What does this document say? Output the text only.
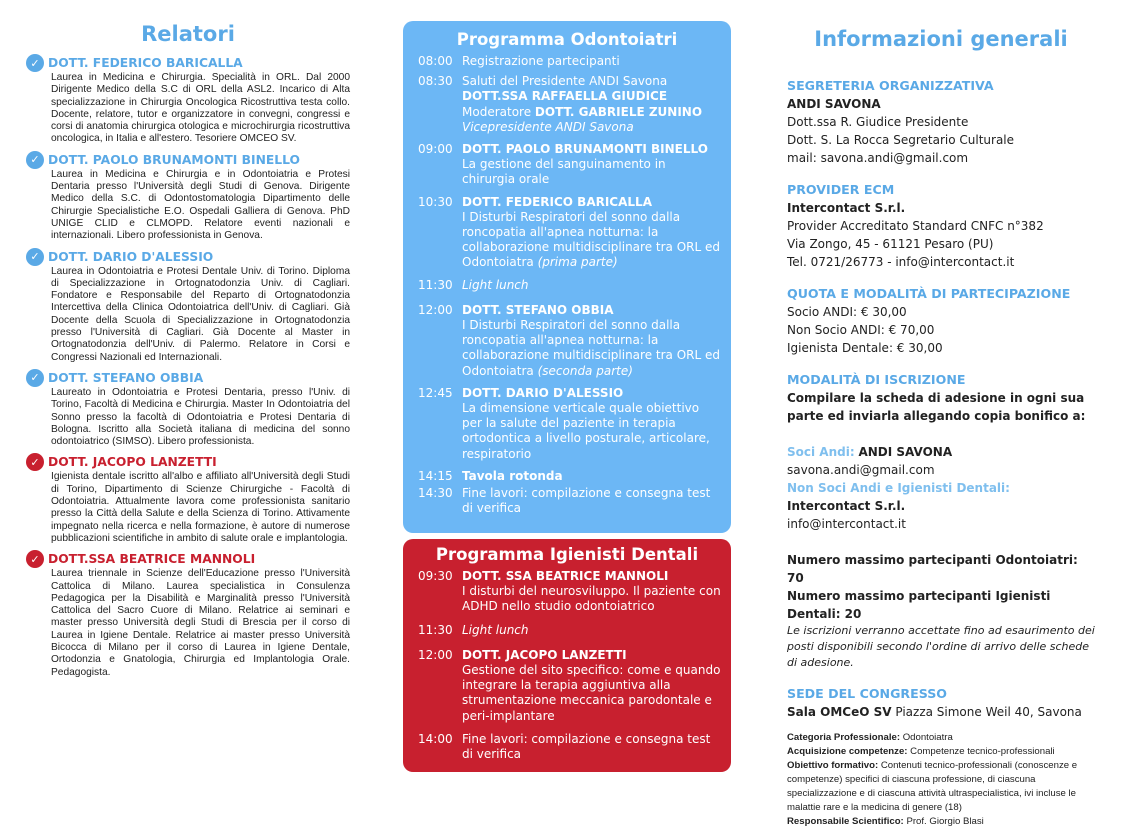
Relatori
✓ DOTT. FEDERICO BARICALLA
Laurea in Medicina e Chirurgia. Specialità in ORL. Dal 2000 Dirigente Medico della S.C di ORL della ASL2. Incarico di Alta specializzazione in Chirurgia Oncologica Ricostruttiva testa collo. Docente, relatore, tutor e organizzatore in convegni, congressi e corsi di anatomia chirurgica otologica e microchirurgia ricostruttiva oncologica, in Italia e all'estero. Tesoriere OMCEO SV.
✓ DOTT. PAOLO BRUNAMONTI BINELLO
Laurea in Medicina e Chirurgia e in Odontoiatria e Protesi Dentaria presso l'Università degli Studi di Genova. Dirigente Medico della S.C. di Odontostomatologia Dipartimento delle Chirurgie Specialistiche E.O. Ospedali Galliera di Genova. PhD UNIGE CLID e CLMOPD. Relatore eventi nazionali e internazionali. Libero professionista in Genova.
✓ DOTT. DARIO D'ALESSIO
Laurea in Odontoiatria e Protesi Dentale Univ. di Torino. Diploma di Specializzazione in Ortognatodonzia Univ. di Cagliari. Fondatore e Responsabile del Reparto di Ortognatodonzia Intercettiva della Clinica Odontoiatrica dell'Univ. di Cagliari. Già Docente della Scuola di Specializzazione in Ortognatodonzia presso l'Università di Cagliari. Già Docente al Master in Ortognatodonzia dell'Univ. di Palermo. Relatore in Corsi e Congressi Nazionali ed Internazionali.
✓ DOTT. STEFANO OBBIA
Laureato in Odontoiatria e Protesi Dentaria, presso l'Univ. di Torino, Facoltà di Medicina e Chirurgia. Master In Odontoiatria del Sonno presso la facoltà di Odontoiatria e Protesi Dentaria di Bologna. Iscritto alla Società italiana di medicina del sonno odontoiatrico (SIMSO). Libero professionista.
✓ DOTT. JACOPO LANZETTI
Igienista dentale iscritto all'albo e affiliato all'Università degli Studi di Torino, Dipartimento di Scienze Chirurgiche - Facoltà di Odontoiatria. Attualmente lavora come professionista sanitario presso la Città della Salute e della Scienza di Torino. Attivamente impegnato nella ricerca e nella formazione, è autore di numerose pubblicazioni scientifiche in ambito di salute orale e implantologia.
✓ DOTT.SSA BEATRICE MANNOLI
Laurea triennale in Scienze dell'Educazione presso l'Università Cattolica di Milano. Laurea specialistica in Consulenza Pedagogica per la Disabilità e Marginalità presso l'Università Cattolica del Sacro Cuore di Milano. Relatrice ai seminari e master presso Università degli Studi di Brescia per il corso di Laurea in Igiene Dentale. Relatrice ai master presso Università Bicocca di Milano per il corso di Laurea in Igiene Dentale, Ortodonzia e Gnatologia, Chirurgia ed Implantologia Orale. Pedagogista.
Programma Odontoiatri
08:00 Registrazione partecipanti
08:30 Saluti del Presidente ANDI Savona
DOTT.SSA RAFFAELLA GIUDICE
Moderatore DOTT. GABRIELE ZUNINO
Vicepresidente ANDI Savona
09:00 DOTT. PAOLO BRUNAMONTI BINELLO
La gestione del sanguinamento in chirurgia orale
10:30 DOTT. FEDERICO BARICALLA
I Disturbi Respiratori del sonno dalla roncopatia all'apnea notturna: la collaborazione multidisciplinare tra ORL ed Odontoiatra (prima parte)
11:30 Light lunch
12:00 DOTT. STEFANO OBBIA
I Disturbi Respiratori del sonno dalla roncopatia all'apnea notturna: la collaborazione multidisciplinare tra ORL ed Odontoiatra (seconda parte)
12:45 DOTT. DARIO D'ALESSIO
La dimensione verticale quale obiettivo per la salute del paziente in terapia ortodontica a livello posturale, articolare, respiratorio
14:15 Tavola rotonda
14:30 Fine lavori: compilazione e consegna test di verifica
Programma Igienisti Dentali
09:30 DOTT. SSA BEATRICE MANNOLI
I disturbi del neurosviluppo. Il paziente con ADHD nello studio odontoiatrico
11:30 Light lunch
12:00 DOTT. JACOPO LANZETTI
Gestione del sito specifico: come e quando integrare la terapia aggiuntiva alla strumentazione meccanica parodontale e peri-implantare
14:00 Fine lavori: compilazione e consegna test di verifica
Informazioni generali
SEGRETERIA ORGANIZZATIVA
ANDI SAVONA
Dott.ssa R. Giudice Presidente
Dott. S. La Rocca Segretario Culturale
mail: savona.andi@gmail.com
PROVIDER ECM
Intercontact S.r.l.
Provider Accreditato Standard CNFC n°382
Via Zongo, 45 - 61121 Pesaro (PU)
Tel. 0721/26773 - info@intercontact.it
QUOTA E MODALITÀ DI PARTECIPAZIONE
Socio ANDI: € 30,00
Non Socio ANDI: € 70,00
Igienista Dentale: € 30,00
MODALITÀ DI ISCRIZIONE
Compilare la scheda di adesione in ogni sua parte ed inviarla allegando copia bonifico a:
Soci Andi: ANDI SAVONA savona.andi@gmail.com
Non Soci Andi e Igienisti Dentali: Intercontact S.r.l.
info@intercontact.it
Numero massimo partecipanti Odontoiatri: 70
Numero massimo partecipanti Igienisti Dentali: 20
Le iscrizioni verranno accettate fino ad esaurimento dei posti disponibili secondo l'ordine di arrivo delle schede di adesione.
SEDE DEL CONGRESSO
Sala OMCeO SV Piazza Simone Weil 40, Savona
Categoria Professionale: Odontoiatra
Acquisizione competenze: Competenze tecnico-professionali
Obiettivo formativo: Contenuti tecnico-professionali (conoscenze e competenze) specifici di ciascuna professione, di ciascuna specializzazione e di ciascuna attività ultraspecialistica, ivi incluse le malattie rare e la medicina di genere (18)
Responsabile Scientifico: Prof. Giorgio Blasi
